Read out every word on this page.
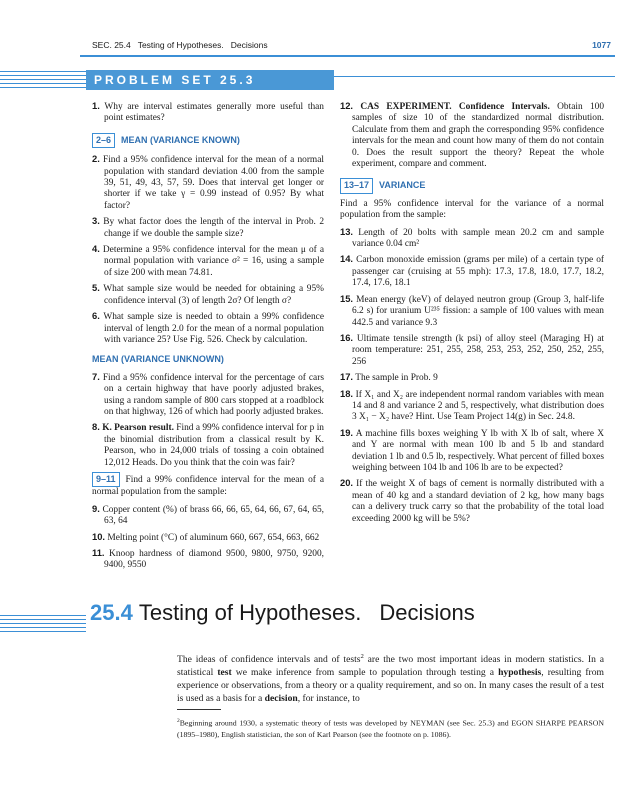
SEC. 25.4 Testing of Hypotheses. Decisions	1077
PROBLEM SET 25.3

1. Why are interval estimates generally more useful than point estimates?

2–6 MEAN (VARIANCE KNOWN)

2. Find a 95% confidence interval for the mean of a normal population with standard deviation 4.00 from the sample 39, 51, 49, 43, 57, 59. Does that interval get longer or shorter if we take γ = 0.99 instead of 0.95? By what factor?

3. By what factor does the length of the interval in Prob. 2 change if we double the sample size?

4. Determine a 95% confidence interval for the mean μ of a normal population with variance σ² = 16, using a sample of size 200 with mean 74.81.

5. What sample size would be needed for obtaining a 95% confidence interval (3) of length 2σ? Of length σ?

6. What sample size is needed to obtain a 99% confidence interval of length 2.0 for the mean of a normal population with variance 25? Use Fig. 526. Check by calculation.

MEAN (VARIANCE UNKNOWN)

7. Find a 95% confidence interval for the percentage of cars on a certain highway that have poorly adjusted brakes, using a random sample of 800 cars stopped at a roadblock on that highway, 126 of which had poorly adjusted brakes.

8. K. Pearson result. Find a 99% confidence interval for p in the binomial distribution from a classical result by K. Pearson, who in 24,000 trials of tossing a coin obtained 12,012 Heads. Do you think that the coin was fair?

9–11 Find a 99% confidence interval for the mean of a normal population from the sample:

9. Copper content (%) of brass 66, 66, 65, 64, 66, 67, 64, 65, 63, 64

10. Melting point (°C) of aluminum 660, 667, 654, 663, 662

11. Knoop hardness of diamond 9500, 9800, 9750, 9200, 9400, 9550

12. CAS EXPERIMENT. Confidence Intervals. Obtain 100 samples of size 10 of the standardized normal distribution. Calculate from them and graph the corresponding 95% confidence intervals for the mean and count how many of them do not contain 0. Does the result support the theory? Repeat the whole experiment, compare and comment.

13–17 VARIANCE

Find a 95% confidence interval for the variance of a normal population from the sample:

13. Length of 20 bolts with sample mean 20.2 cm and sample variance 0.04 cm²

14. Carbon monoxide emission (grams per mile) of a certain type of passenger car (cruising at 55 mph): 17.3, 17.8, 18.0, 17.7, 18.2, 17.4, 17.6, 18.1

15. Mean energy (keV) of delayed neutron group (Group 3, half-life 6.2 s) for uranium U²³⁵ fission: a sample of 100 values with mean 442.5 and variance 9.3

16. Ultimate tensile strength (k psi) of alloy steel (Maraging H) at room temperature: 251, 255, 258, 253, 253, 252, 250, 252, 255, 256

17. The sample in Prob. 9

18. If X₁ and X₂ are independent normal random variables with mean 14 and 8 and variance 2 and 5, respectively, what distribution does 3 X₁ − X₂ have? Hint. Use Team Project 14(g) in Sec. 24.8.

19. A machine fills boxes weighing Y lb with X lb of salt, where X and Y are normal with mean 100 lb and 5 lb and standard deviation 1 lb and 0.5 lb, respectively. What percent of filled boxes weighing between 104 lb and 106 lb are to be expected?

20. If the weight X of bags of cement is normally distributed with a mean of 40 kg and a standard deviation of 2 kg, how many bags can a delivery truck carry so that the probability of the total load exceeding 2000 kg will be 5%?

25.4 Testing of Hypotheses. Decisions
The ideas of confidence intervals and of tests$^2$ are the two most important ideas in modern statistics. In a statistical test we make inference from sample to population through testing a hypothesis, resulting from experience or observations, from a theory or a quality requirement, and so on. In many cases the result of a test is used as a basis for a decision, for instance, to
$^2$Beginning around 1930, a systematic theory of tests was developed by NEYMAN (see Sec. 25.3) and EGON SHARPE PEARSON (1895–1980), English statistician, the son of Karl Pearson (see the footnote on p. 1086).
